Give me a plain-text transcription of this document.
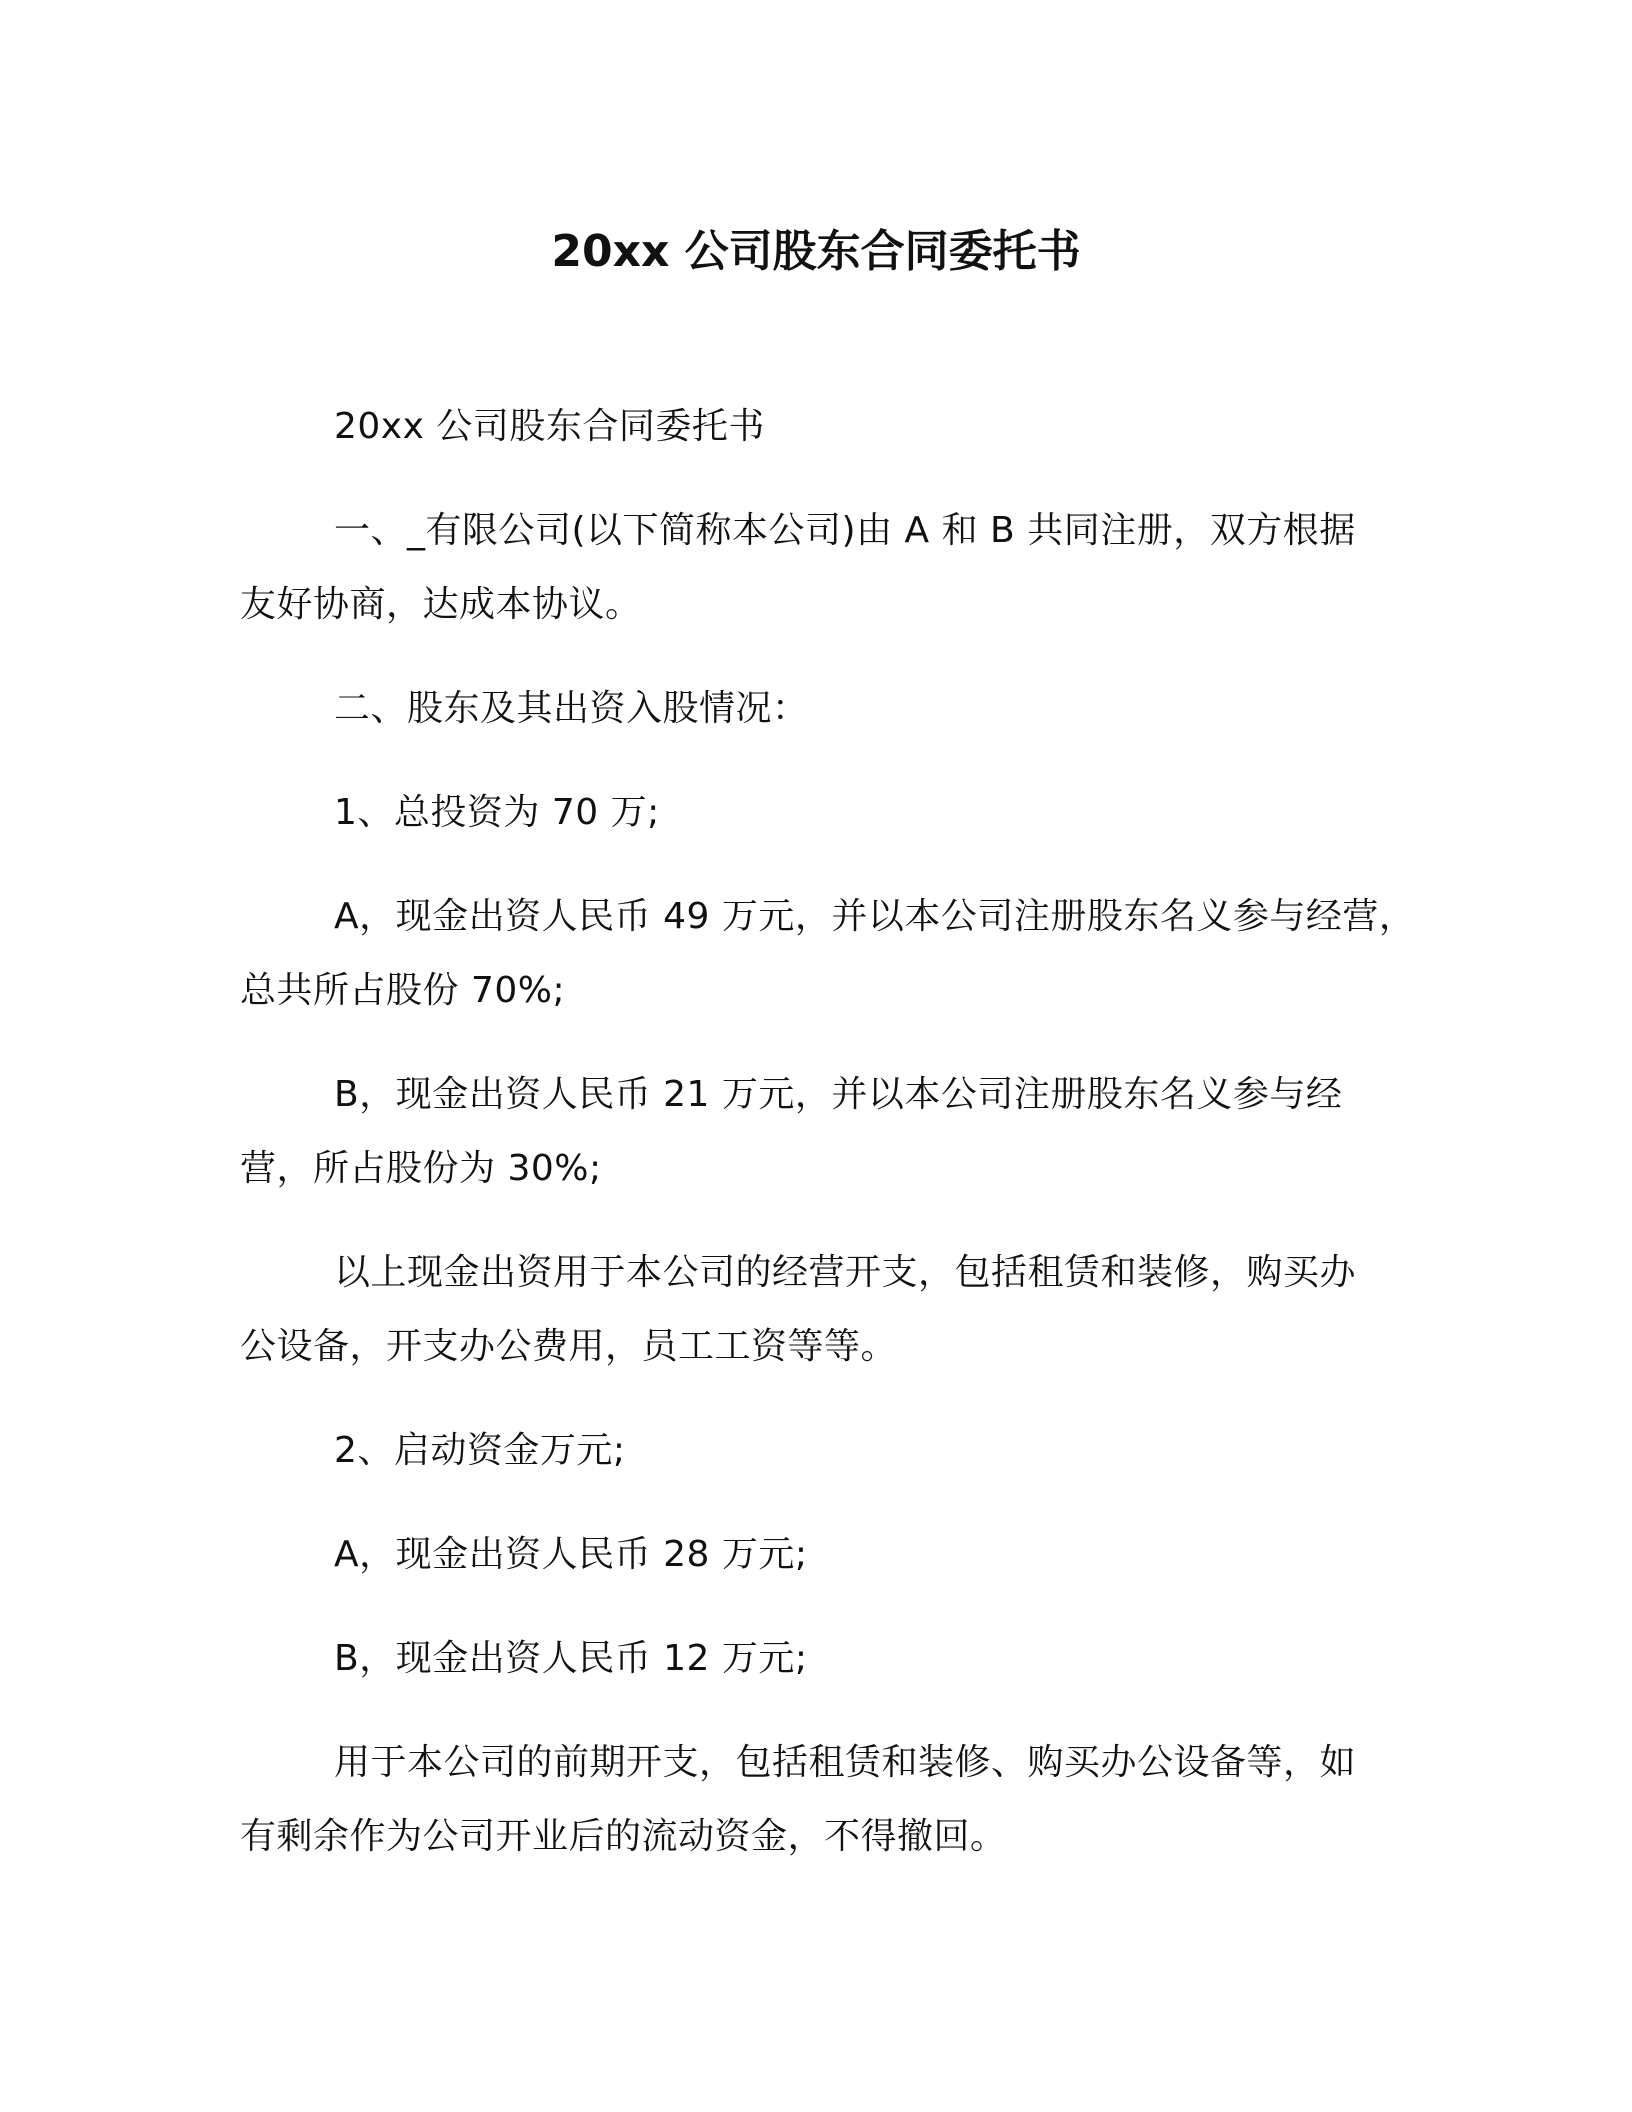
20xx 公司股东合同委托书

20xx 公司股东合同委托书

一、_有限公司(以下简称本公司)由 A 和 B 共同注册，双方根据
友好协商，达成本协议。

二、股东及其出资入股情况：

1、总投资为 70 万;

A，现金出资人民币 49 万元，并以本公司注册股东名义参与经营，
总共所占股份 70%;
B，现金出资人民币 21 万元，并以本公司注册股东名义参与经
营，所占股份为 30%;
以上现金出资用于本公司的经营开支，包括租赁和装修，购买办
公设备，开支办公费用，员工工资等等。

2、启动资金万元;

A，现金出资人民币 28 万元;

B，现金出资人民币 12 万元;

用于本公司的前期开支，包括租赁和装修、购买办公设备等，如
有剩余作为公司开业后的流动资金，不得撤回。
